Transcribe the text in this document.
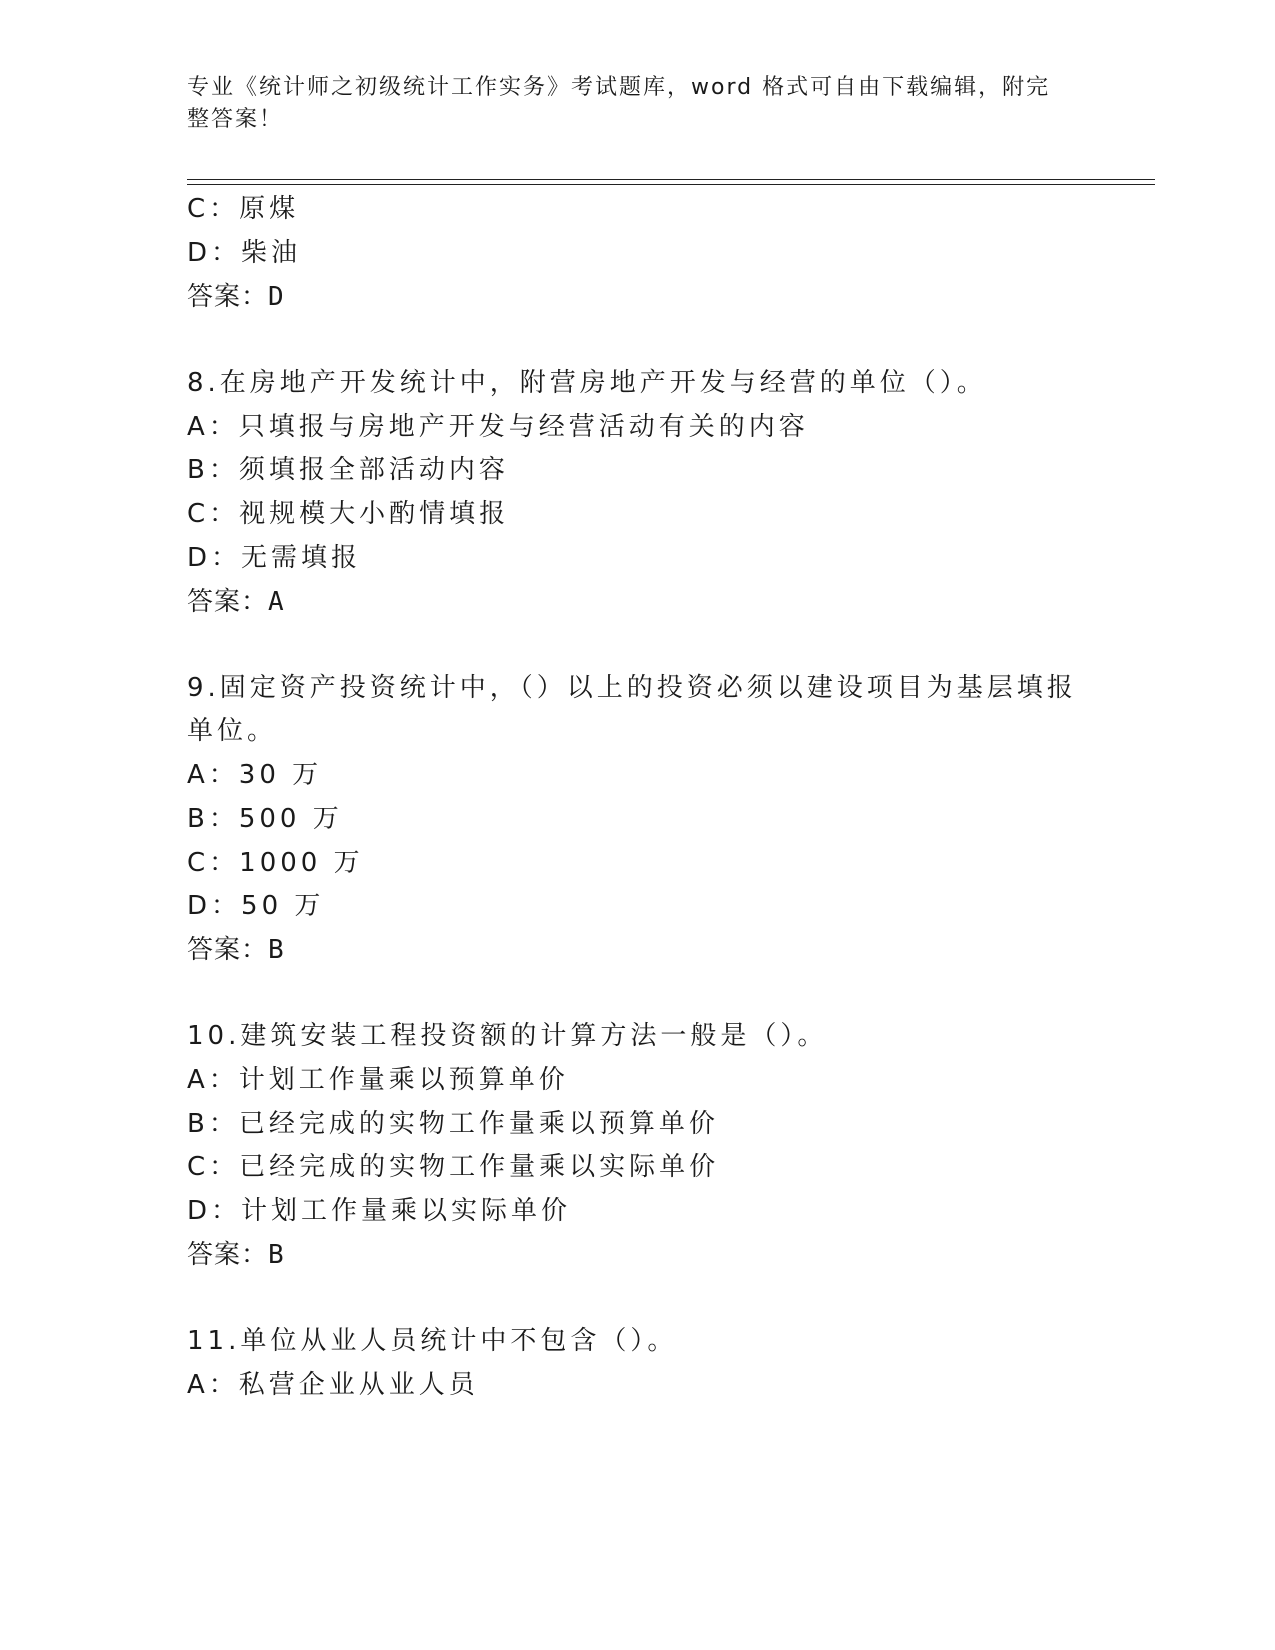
专业《统计师之初级统计工作实务》考试题库，word 格式可自由下载编辑，附完
整答案！
C：原煤
D：柴油
答案：D
8.在房地产开发统计中，附营房地产开发与经营的单位（）。
A：只填报与房地产开发与经营活动有关的内容
B：须填报全部活动内容
C：视规模大小酌情填报
D：无需填报
答案：A
9.固定资产投资统计中，（）以上的投资必须以建设项目为基层填报
单位。
A：30 万
B：500 万
C：1000 万
D：50 万
答案：B
10.建筑安装工程投资额的计算方法一般是（）。
A：计划工作量乘以预算单价
B：已经完成的实物工作量乘以预算单价
C：已经完成的实物工作量乘以实际单价
D：计划工作量乘以实际单价
答案：B
11.单位从业人员统计中不包含（）。
A：私营企业从业人员
